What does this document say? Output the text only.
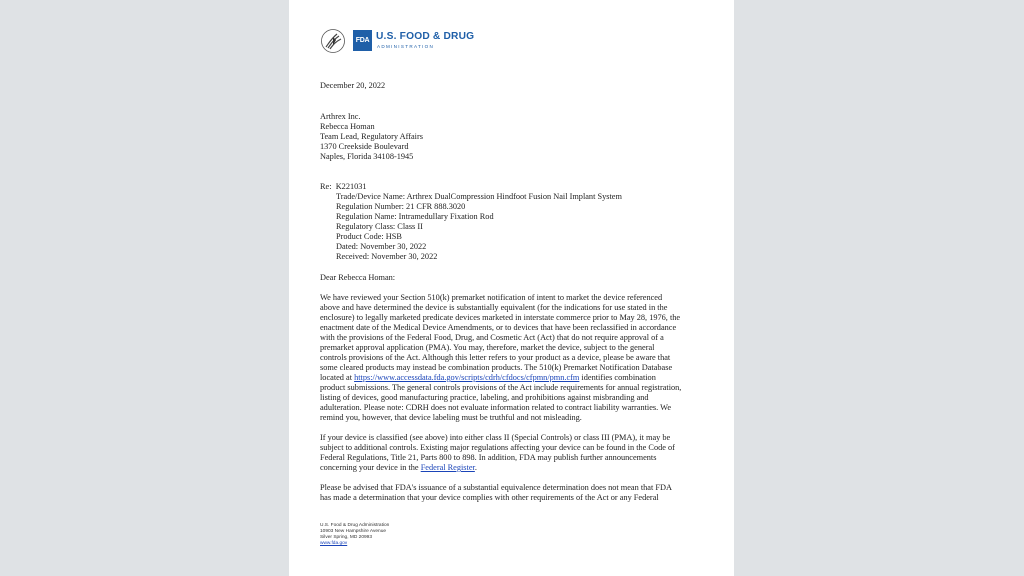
FDA U.S. FOOD & DRUG
ADMINISTRATION
December 20, 2022
Arthrex Inc.
Rebecca Homan
Team Lead, Regulatory Affairs
1370 Creekside Boulevard
Naples, Florida 34108-1945
Re: K221031
Trade/Device Name: Arthrex DualCompression Hindfoot Fusion Nail Implant System
Regulation Number: 21 CFR 888.3020
Regulation Name: Intramedullary Fixation Rod
Regulatory Class: Class II
Product Code: HSB
Dated: November 30, 2022
Received: November 30, 2022
Dear Rebecca Homan:
We have reviewed your Section 510(k) premarket notification of intent to market the device referenced
above and have determined the device is substantially equivalent (for the indications for use stated in the
enclosure) to legally marketed predicate devices marketed in interstate commerce prior to May 28, 1976, the
enactment date of the Medical Device Amendments, or to devices that have been reclassified in accordance
with the provisions of the Federal Food, Drug, and Cosmetic Act (Act) that do not require approval of a
premarket approval application (PMA). You may, therefore, market the device, subject to the general
controls provisions of the Act. Although this letter refers to your product as a device, please be aware that
some cleared products may instead be combination products. The 510(k) Premarket Notification Database
located at https://www.accessdata.fda.gov/scripts/cdrh/cfdocs/cfpmn/pmn.cfm identifies combination
product submissions. The general controls provisions of the Act include requirements for annual registration,
listing of devices, good manufacturing practice, labeling, and prohibitions against misbranding and
adulteration. Please note: CDRH does not evaluate information related to contract liability warranties. We
remind you, however, that device labeling must be truthful and not misleading.
If your device is classified (see above) into either class II (Special Controls) or class III (PMA), it may be
subject to additional controls. Existing major regulations affecting your device can be found in the Code of
Federal Regulations, Title 21, Parts 800 to 898. In addition, FDA may publish further announcements
concerning your device in the Federal Register.
Please be advised that FDA's issuance of a substantial equivalence determination does not mean that FDA
has made a determination that your device complies with other requirements of the Act or any Federal
U.S. Food & Drug Administration
10903 New Hampshire Avenue
Silver Spring, MD 20993
www.fda.gov
